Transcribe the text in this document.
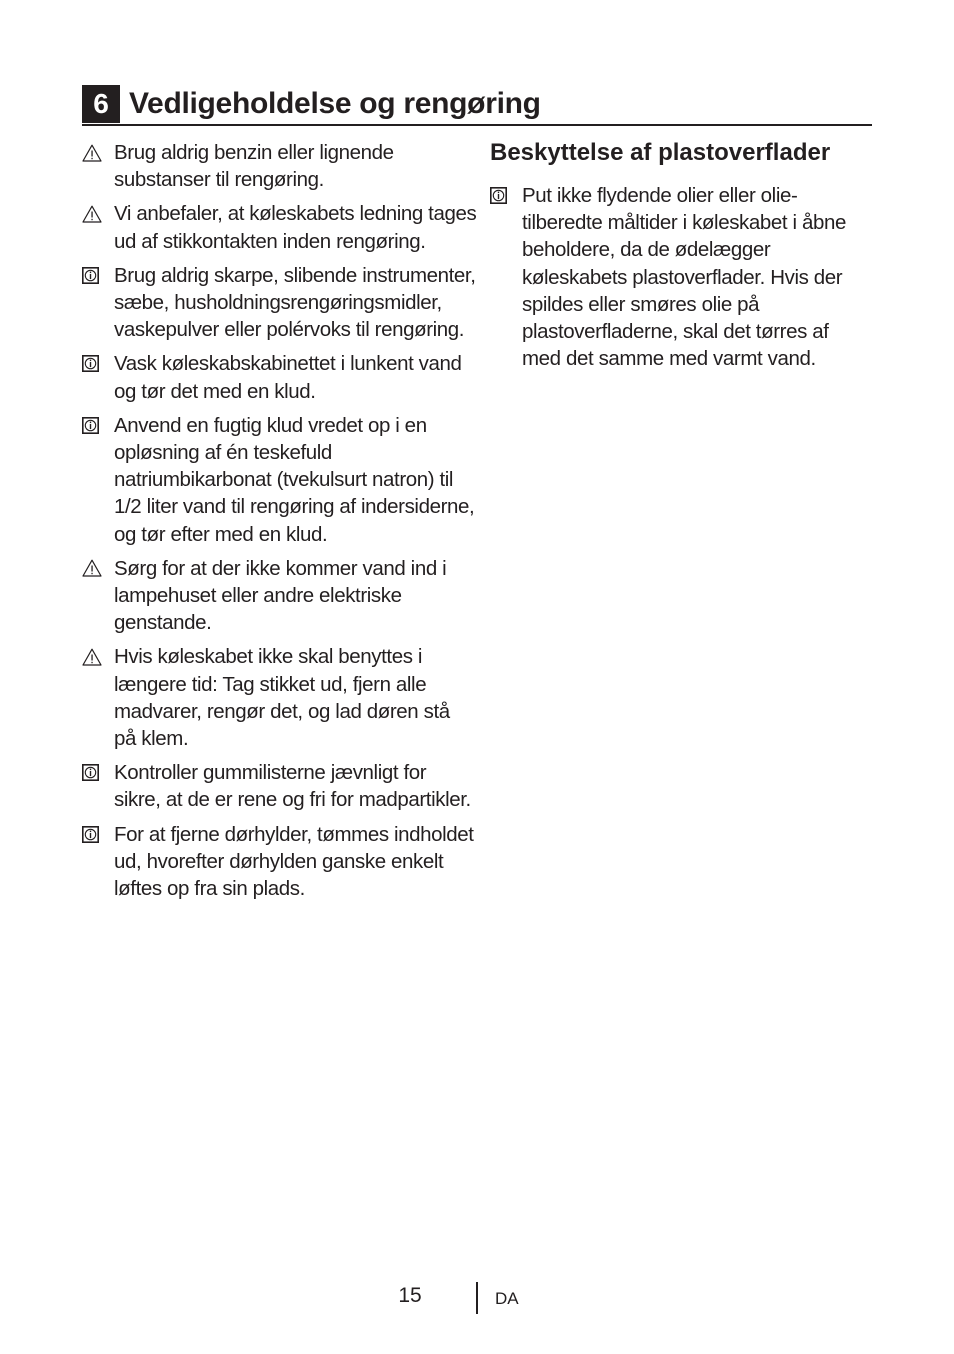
6 Vedligeholdelse og rengøring
Brug aldrig benzin eller lignende substanser til rengøring.
Vi anbefaler, at køleskabets ledning tages ud af stikkontakten inden rengøring.
Brug aldrig skarpe, slibende instrumenter, sæbe, husholdningsrengøringsmidler, vaskepulver eller polérvoks til rengøring.
Vask køleskabskabinettet i lunkent vand og tør det med en klud.
Anvend en fugtig klud vredet op i en opløsning af én teskefuld natriumbikarbonat (tvekulsurt natron) til 1/2 liter vand til rengøring af indersiderne, og tør efter med en klud.
Sørg for at der ikke kommer vand ind i lampehuset eller andre elektriske genstande.
Hvis køleskabet ikke skal benyttes i længere tid: Tag stikket ud, fjern alle madvarer, rengør det, og lad døren stå på klem.
Kontroller gummilisterne jævnligt for sikre, at de er rene og fri for madpartikler.
For at fjerne dørhylder, tømmes indholdet ud, hvorefter dørhylden ganske enkelt løftes op fra sin plads.
Beskyttelse af plastoverflader
Put ikke flydende olier eller olie-tilberedte måltider i køleskabet i åbne beholdere, da de ødelægger køleskabets plastoverflader. Hvis der spildes eller smøres olie på plastoverfladerne, skal det tørres af med det samme med varmt vand.
15	DA
